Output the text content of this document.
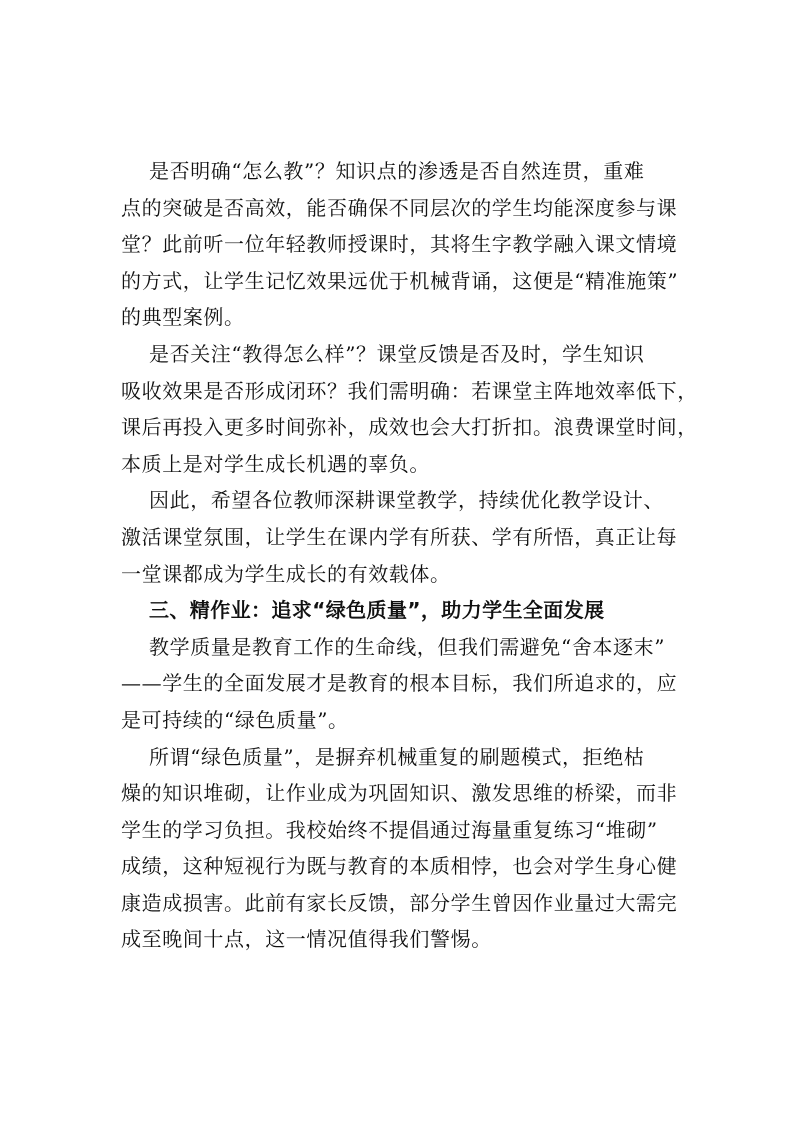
是否明确“怎么教”？知识点的渗透是否自然连贯，重难
点的突破是否高效，能否确保不同层次的学生均能深度参与课
堂？此前听一位年轻教师授课时，其将生字教学融入课文情境
的方式，让学生记忆效果远优于机械背诵，这便是“精准施策”
的典型案例。
是否关注“教得怎么样”？课堂反馈是否及时，学生知识
吸收效果是否形成闭环？我们需明确：若课堂主阵地效率低下，
课后再投入更多时间弥补，成效也会大打折扣。浪费课堂时间，
本质上是对学生成长机遇的辜负。
因此，希望各位教师深耕课堂教学，持续优化教学设计、
激活课堂氛围，让学生在课内学有所获、学有所悟，真正让每
一堂课都成为学生成长的有效载体。
三、精作业：追求“绿色质量”，助力学生全面发展
教学质量是教育工作的生命线，但我们需避免“舍本逐末”
——学生的全面发展才是教育的根本目标，我们所追求的，应
是可持续的“绿色质量”。
所谓“绿色质量”，是摒弃机械重复的刷题模式，拒绝枯
燥的知识堆砌，让作业成为巩固知识、激发思维的桥梁，而非
学生的学习负担。我校始终不提倡通过海量重复练习“堆砌”
成绩，这种短视行为既与教育的本质相悖，也会对学生身心健
康造成损害。此前有家长反馈，部分学生曾因作业量过大需完
成至晚间十点，这一情况值得我们警惕。
